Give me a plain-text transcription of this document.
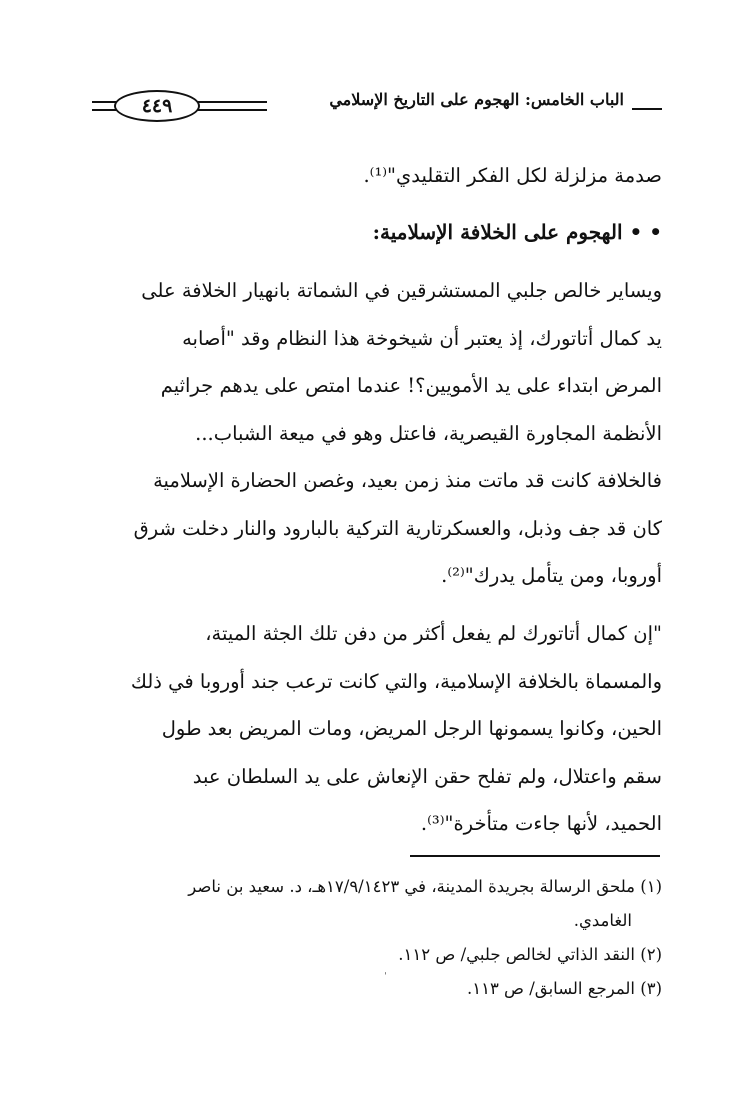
الباب الخامس: الهجوم على التاريخ الإسلامي
٤٤٩
صدمة مزلزلة لكل الفكر التقليدي"⁽¹⁾.
• • الهجوم على الخلافة الإسلامية:
ويساير خالص جلبي المستشرقين في الشماتة بانهيار الخلافة على
يد كمال أتاتورك، إذ يعتبر أن شيخوخة هذا النظام وقد "أصابه
المرض ابتداء على يد الأمويين؟! عندما امتص على يدهم جراثيم
الأنظمة المجاورة القيصرية، فاعتل وهو في ميعة الشباب...
فالخلافة كانت قد ماتت منذ زمن بعيد، وغصن الحضارة الإسلامية
كان قد جف وذبل، والعسكرتارية التركية بالبارود والنار دخلت شرق
أوروبا، ومن يتأمل يدرك"⁽²⁾.
"إن كمال أتاتورك لم يفعل أكثر من دفن تلك الجثة الميتة،
والمسماة بالخلافة الإسلامية، والتي كانت ترعب جند أوروبا في ذلك
الحين، وكانوا يسمونها الرجل المريض، ومات المريض بعد طول
سقم واعتلال، ولم تفلح حقن الإنعاش على يد السلطان عبد
الحميد، لأنها جاءت متأخرة"⁽³⁾.
(١) ملحق الرسالة بجريدة المدينة، في ١٧/٩/١٤٢٣هـ، د. سعيد بن ناصر
الغامدي.
(٢) النقد الذاتي لخالص جلبي/ ص ١١٢.
(٣) المرجع السابق/ ص ١١٣.
ˌ
